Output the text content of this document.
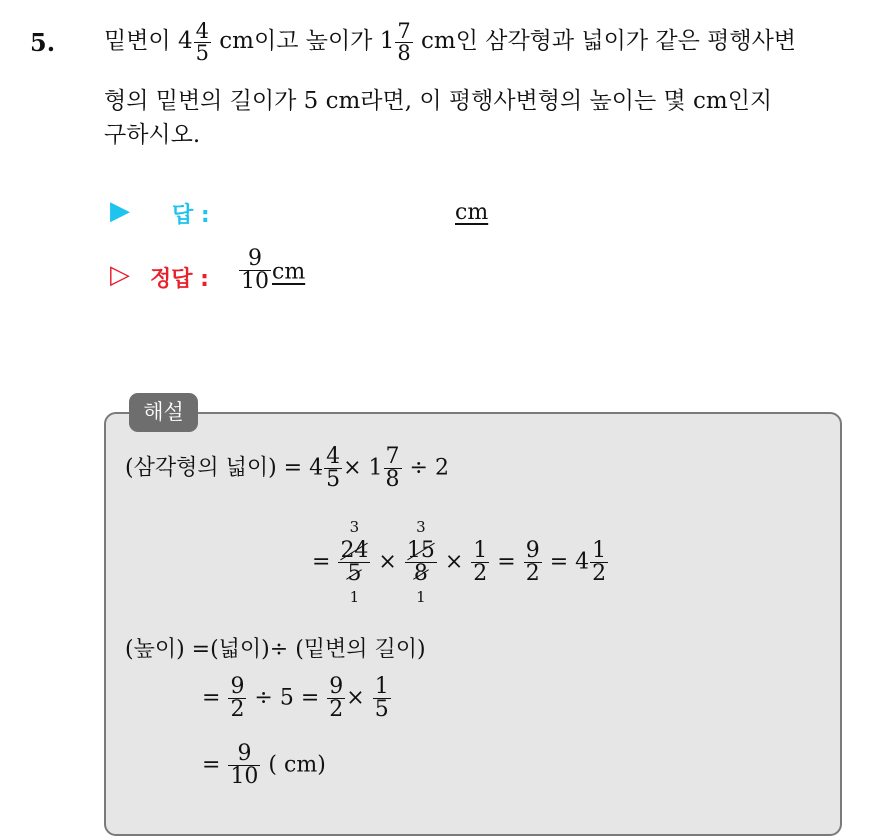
5. 밑변이 $4 \frac{4}{5}$ cm이고 높이가 $1 \frac{7}{8}$ cm인 삼각형과 넓이가 같은 평행사변
형의 밑변의 길이가 5 cm라면, 이 평행사변형의 높이는 몇 cm인지
구하시오.
▶ 답 :	cm
▷ 정답 : $\frac{9}{10}$ cm
해설
(삼각형의 넓이) = $4 \frac{4}{5} \times 1 \frac{7}{8} \div 2$
= 3
24
5
1 × 3
15
8
$1 \times \frac{1}{2} = \frac{9}{2} = 4 \frac{1}{2}$
(높이) =(넓이)÷ (밑변의 길이)
= $\frac{9}{2} \div 5 = \frac{9}{2} \times \frac{1}{5}$
= $\frac{9}{10}$ ( cm)
